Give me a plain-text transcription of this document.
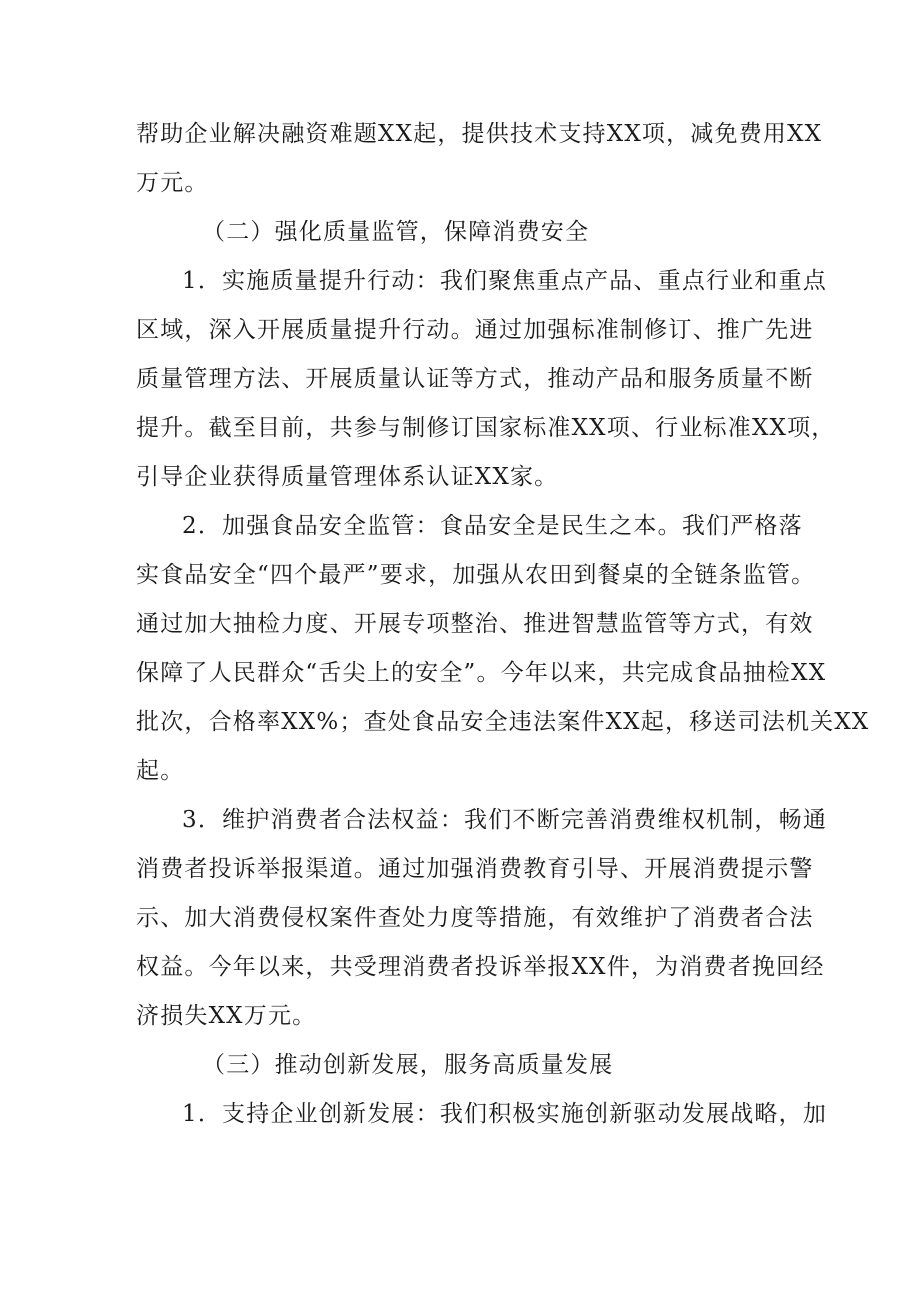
帮助企业解决融资难题XX起，提供技术支持XX项，减免费用XX
万元。
（二）强化质量监管，保障消费安全
1．实施质量提升行动：我们聚焦重点产品、重点行业和重点
区域，深入开展质量提升行动。通过加强标准制修订、推广先进
质量管理方法、开展质量认证等方式，推动产品和服务质量不断
提升。截至目前，共参与制修订国家标准XX项、行业标准XX项，
引导企业获得质量管理体系认证XX家。
2．加强食品安全监管：食品安全是民生之本。我们严格落
实食品安全“四个最严”要求，加强从农田到餐桌的全链条监管。
通过加大抽检力度、开展专项整治、推进智慧监管等方式，有效
保障了人民群众“舌尖上的安全”。今年以来，共完成食品抽检XX
批次，合格率XX%；查处食品安全违法案件XX起，移送司法机关XX
起。
3．维护消费者合法权益：我们不断完善消费维权机制，畅通
消费者投诉举报渠道。通过加强消费教育引导、开展消费提示警
示、加大消费侵权案件查处力度等措施，有效维护了消费者合法
权益。今年以来，共受理消费者投诉举报XX件，为消费者挽回经
济损失XX万元。
（三）推动创新发展，服务高质量发展
1．支持企业创新发展：我们积极实施创新驱动发展战略，加
